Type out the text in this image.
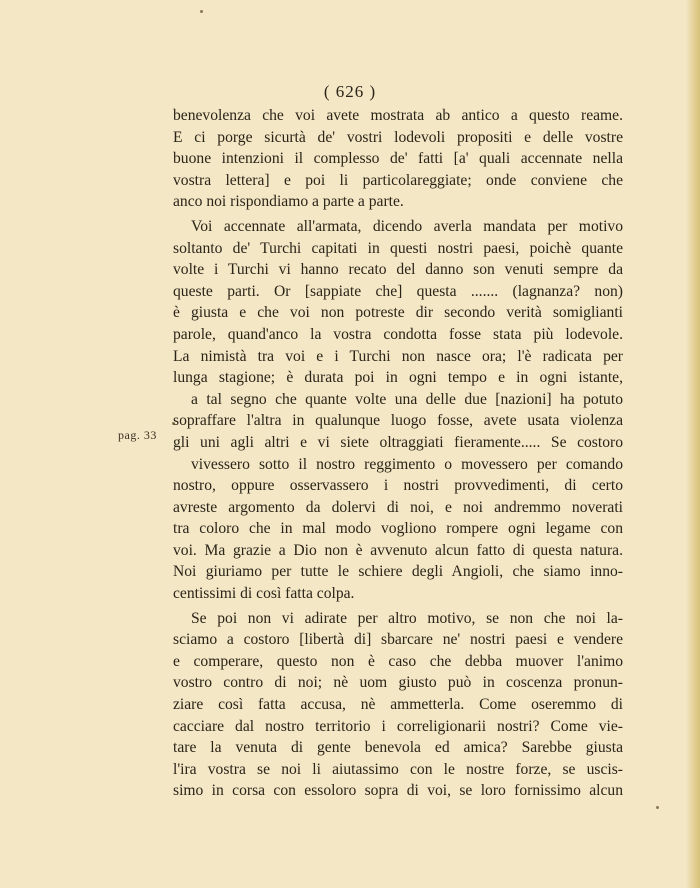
( 626 )
pag. 33
benevolenza che voi avete mostrata ab antico a questo reame.
E ci porge sicurtà de' vostri lodevoli propositi e delle vostre
buone intenzioni il complesso de' fatti [a' quali accennate nella
vostra lettera] e poi li particolareggiate; onde conviene che
anco noi rispondiamo a parte a parte.
Voi accennate all'armata, dicendo averla mandata per motivo
soltanto de' Turchi capitati in questi nostri paesi, poichè quante
volte i Turchi vi hanno recato del danno son venuti sempre da
queste parti. Or [sappiate che] questa ....... (lagnanza? non)
è giusta e che voi non potreste dir secondo verità somiglianti
parole, quand'anco la vostra condotta fosse stata più lodevole.
La nimistà tra voi e i Turchi non nasce ora; l'è radicata per
lunga stagione; è durata poi in ogni tempo e in ogni istante,
a tal segno che quante volte una delle due [nazioni] ha potuto
sopraffare l'altra in qualunque luogo fosse, avete usata violenza
gli uni agli altri e vi siete oltraggiati fieramente..... Se costoro
vivessero sotto il nostro reggimento o movessero per comando
nostro, oppure osservassero i nostri provvedimenti, di certo
avreste argomento da dolervi di noi, e noi andremmo noverati
tra coloro che in mal modo vogliono rompere ogni legame con
voi. Ma grazie a Dio non è avvenuto alcun fatto di questa natura.
Noi giuriamo per tutte le schiere degli Angioli, che siamo inno-
centissimi di così fatta colpa.
Se poi non vi adirate per altro motivo, se non che noi la-
sciamo a costoro [libertà di] sbarcare ne' nostri paesi e vendere
e comperare, questo non è caso che debba muover l'animo
vostro contro di noi; nè uom giusto può in coscenza pronun-
ziare così fatta accusa, nè ammetterla. Come oseremmo di
cacciare dal nostro territorio i correligionarii nostri? Come vie-
tare la venuta di gente benevola ed amica? Sarebbe giusta
l'ira vostra se noi li aiutassimo con le nostre forze, se uscis-
simo in corsa con essoloro sopra di voi, se loro fornissimo alcun
